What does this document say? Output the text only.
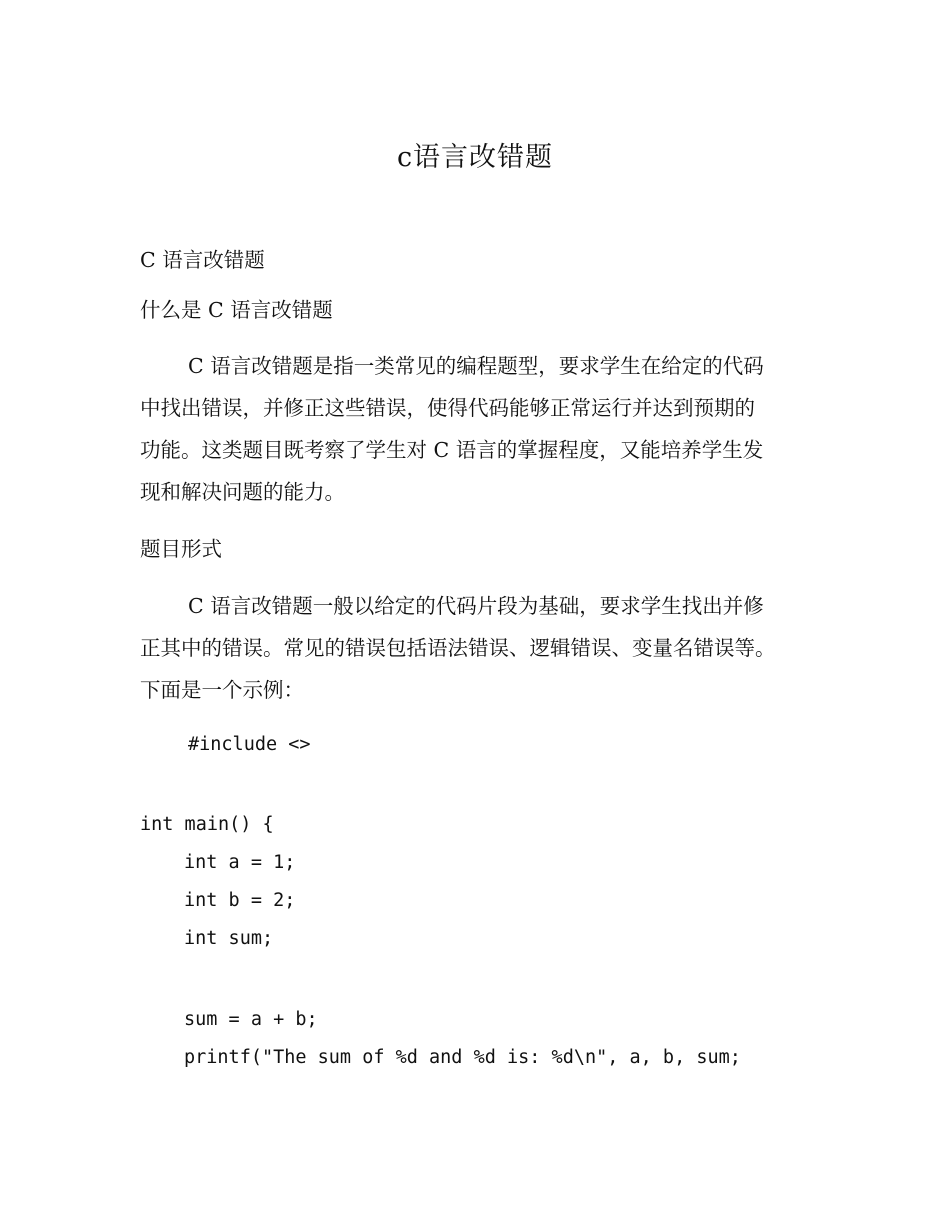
c语言改错题
C 语言改错题
什么是 C 语言改错题
C 语言改错题是指一类常见的编程题型，要求学生在给定的代码
中找出错误，并修正这些错误，使得代码能够正常运行并达到预期的
功能。这类题目既考察了学生对 C 语言的掌握程度，又能培养学生发
现和解决问题的能力。
题目形式
C 语言改错题一般以给定的代码片段为基础，要求学生找出并修
正其中的错误。常见的错误包括语法错误、逻辑错误、变量名错误等。
下面是一个示例：
#include <>
int main() {
int a = 1;
int b = 2;
int sum;
sum = a + b;
printf("The sum of %d and %d is: %d\n", a, b, sum;
